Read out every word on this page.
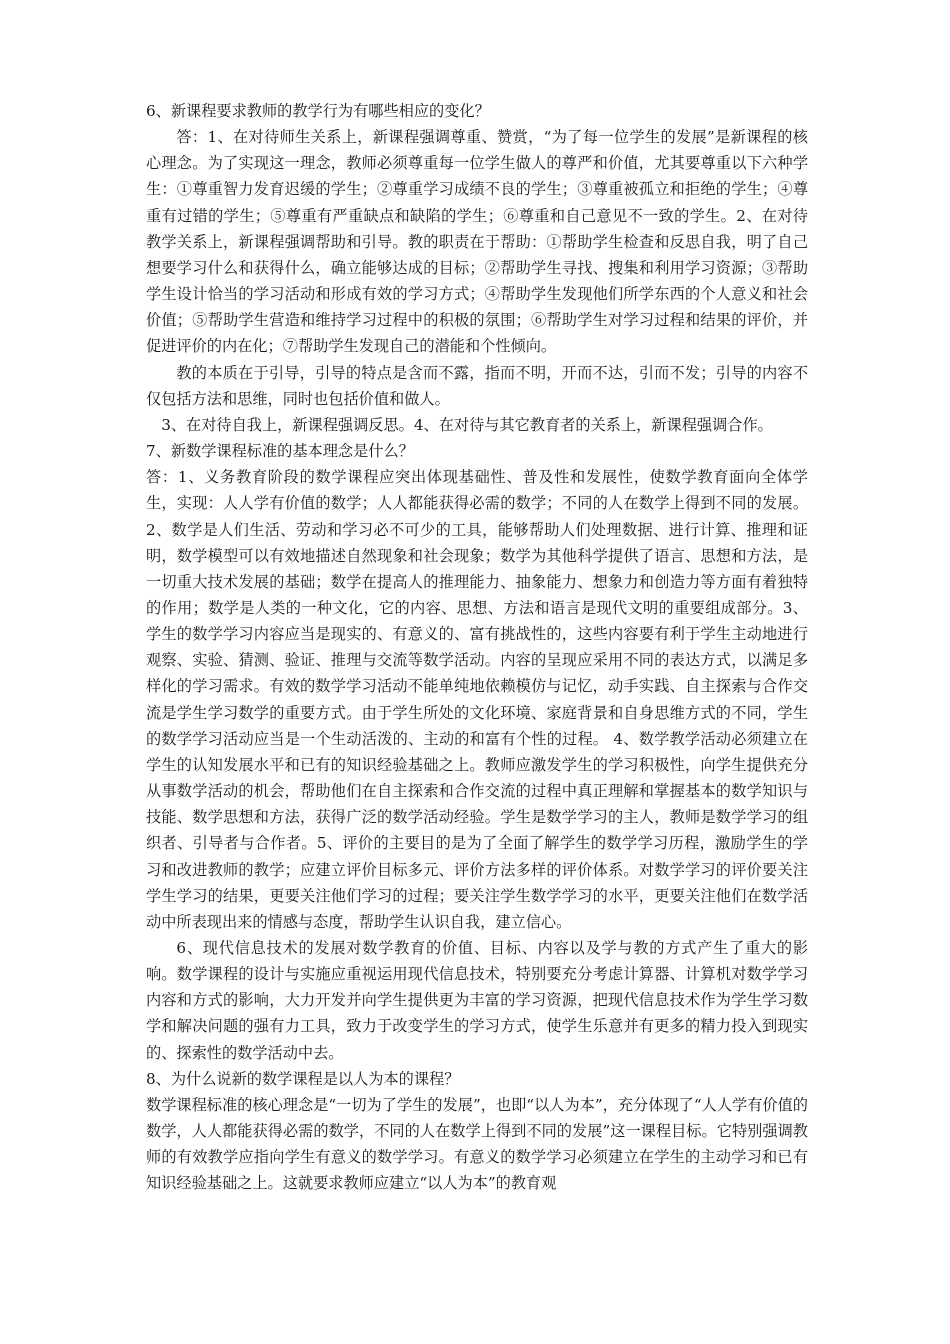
6、新课程要求教师的教学行为有哪些相应的变化？

答：1、在对待师生关系上，新课程强调尊重、赞赏，“为了每一位学生的发展”是新课程的核心理念。为了实现这一理念，教师必须尊重每一位学生做人的尊严和价值，尤其要尊重以下六种学生：①尊重智力发育迟缓的学生；②尊重学习成绩不良的学生；③尊重被孤立和拒绝的学生；④尊重有过错的学生；⑤尊重有严重缺点和缺陷的学生；⑥尊重和自己意见不一致的学生。2、在对待教学关系上，新课程强调帮助和引导。教的职责在于帮助：①帮助学生检查和反思自我，明了自己想要学习什么和获得什么，确立能够达成的目标；②帮助学生寻找、搜集和利用学习资源；③帮助学生设计恰当的学习活动和形成有效的学习方式；④帮助学生发现他们所学东西的个人意义和社会价值；⑤帮助学生营造和维持学习过程中的积极的氛围；⑥帮助学生对学习过程和结果的评价，并促进评价的内在化；⑦帮助学生发现自己的潜能和个性倾向。

教的本质在于引导，引导的特点是含而不露，指而不明，开而不达，引而不发；引导的内容不仅包括方法和思维，同时也包括价值和做人。

3、在对待自我上，新课程强调反思。4、在对待与其它教育者的关系上，新课程强调合作。

7、新数学课程标准的基本理念是什么？

答：1、义务教育阶段的数学课程应突出体现基础性、普及性和发展性，使数学教育面向全体学生，实现：人人学有价值的数学；人人都能获得必需的数学；不同的人在数学上得到不同的发展。2、数学是人们生活、劳动和学习必不可少的工具，能够帮助人们处理数据、进行计算、推理和证明，数学模型可以有效地描述自然现象和社会现象；数学为其他科学提供了语言、思想和方法，是一切重大技术发展的基础；数学在提高人的推理能力、抽象能力、想象力和创造力等方面有着独特的作用；数学是人类的一种文化，它的内容、思想、方法和语言是现代文明的重要组成部分。3、学生的数学学习内容应当是现实的、有意义的、富有挑战性的，这些内容要有利于学生主动地进行观察、实验、猜测、验证、推理与交流等数学活动。内容的呈现应采用不同的表达方式，以满足多样化的学习需求。有效的数学学习活动不能单纯地依赖模仿与记忆，动手实践、自主探索与合作交流是学生学习数学的重要方式。由于学生所处的文化环境、家庭背景和自身思维方式的不同，学生的数学学习活动应当是一个生动活泼的、主动的和富有个性的过程。 4、数学教学活动必须建立在学生的认知发展水平和已有的知识经验基础之上。教师应激发学生的学习积极性，向学生提供充分从事数学活动的机会，帮助他们在自主探索和合作交流的过程中真正理解和掌握基本的数学知识与技能、数学思想和方法，获得广泛的数学活动经验。学生是数学学习的主人，教师是数学学习的组织者、引导者与合作者。5、评价的主要目的是为了全面了解学生的数学学习历程，激励学生的学习和改进教师的教学；应建立评价目标多元、评价方法多样的评价体系。对数学学习的评价要关注学生学习的结果，更要关注他们学习的过程；要关注学生数学学习的水平，更要关注他们在数学活动中所表现出来的情感与态度，帮助学生认识自我，建立信心。

6、现代信息技术的发展对数学教育的价值、目标、内容以及学与教的方式产生了重大的影响。数学课程的设计与实施应重视运用现代信息技术，特别要充分考虑计算器、计算机对数学学习内容和方式的影响，大力开发并向学生提供更为丰富的学习资源，把现代信息技术作为学生学习数学和解决问题的强有力工具，致力于改变学生的学习方式，使学生乐意并有更多的精力投入到现实的、探索性的数学活动中去。

8、为什么说新的数学课程是以人为本的课程？

数学课程标准的核心理念是“一切为了学生的发展”，也即“以人为本”，充分体现了“人人学有价值的数学，人人都能获得必需的数学，不同的人在数学上得到不同的发展”这一课程目标。它特别强调教师的有效教学应指向学生有意义的数学学习。有意义的数学学习必须建立在学生的主动学习和已有知识经验基础之上。这就要求教师应建立“以人为本”的教育观
